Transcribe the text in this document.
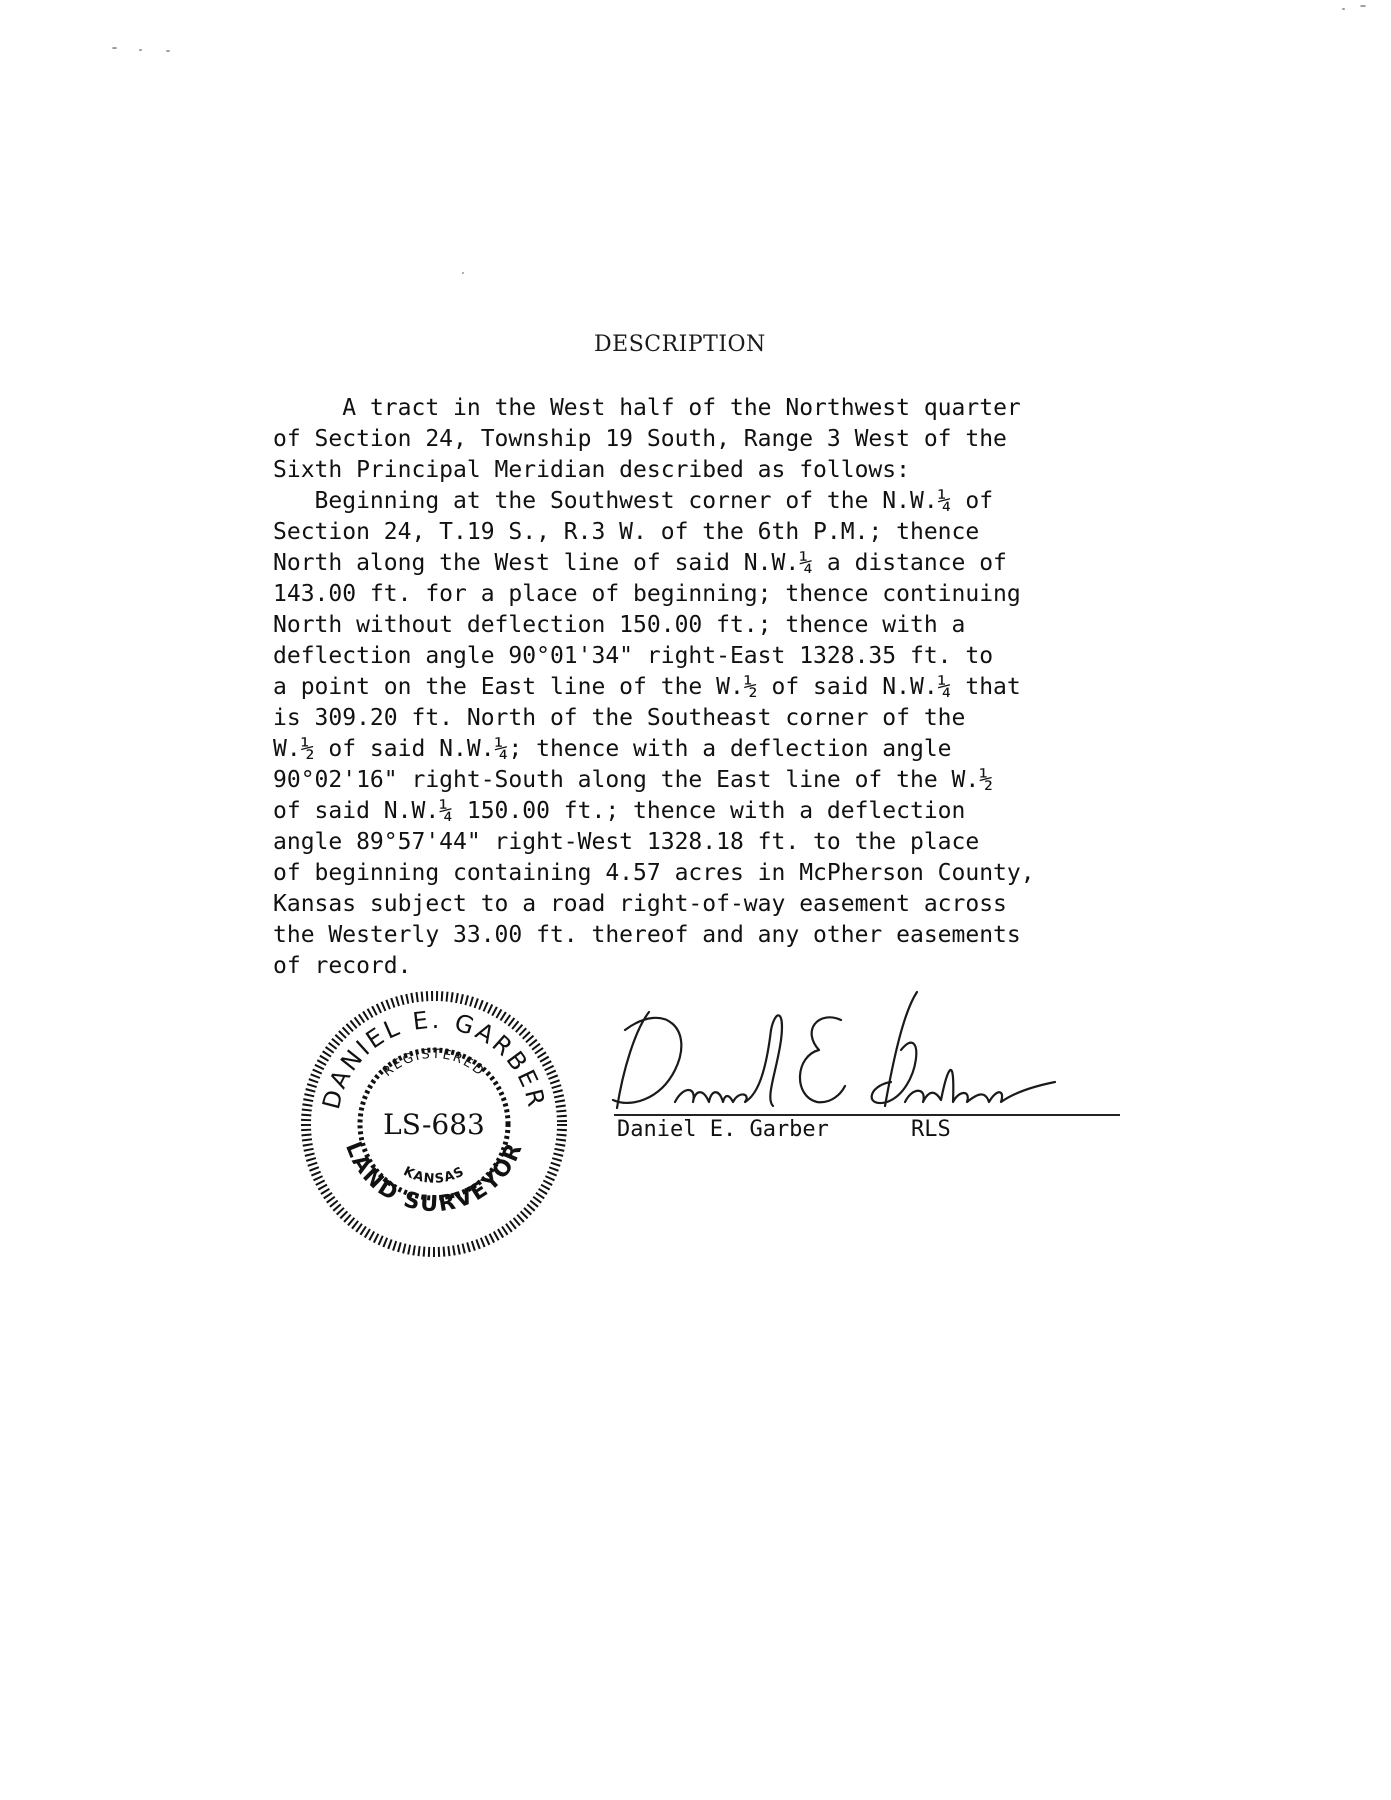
DESCRIPTION
A tract in the West half of the Northwest quarter
of Section 24, Township 19 South, Range 3 West of the
Sixth Principal Meridian described as follows:
Beginning at the Southwest corner of the N.W.¼ of
Section 24, T.19 S., R.3 W. of the 6th P.M.; thence
North along the West line of said N.W.¼ a distance of
143.00 ft. for a place of beginning; thence continuing
North without deflection 150.00 ft.; thence with a
deflection angle 90°01'34" right-East 1328.35 ft. to
a point on the East line of the W.½ of said N.W.¼ that
is 309.20 ft. North of the Southeast corner of the
W.½ of said N.W.¼; thence with a deflection angle
90°02'16" right-South along the East line of the W.½
of said N.W.¼ 150.00 ft.; thence with a deflection
angle 89°57'44" right-West 1328.18 ft. to the place
of beginning containing 4.57 acres in McPherson County,
Kansas subject to a road right-of-way easement across
the Westerly 33.00 ft. thereof and any other easements
of record.
DANIEL E. GARBER
REGISTERED
LS-683
KANSAS
LAND SURVEYOR
Daniel E. Garber	RLS
